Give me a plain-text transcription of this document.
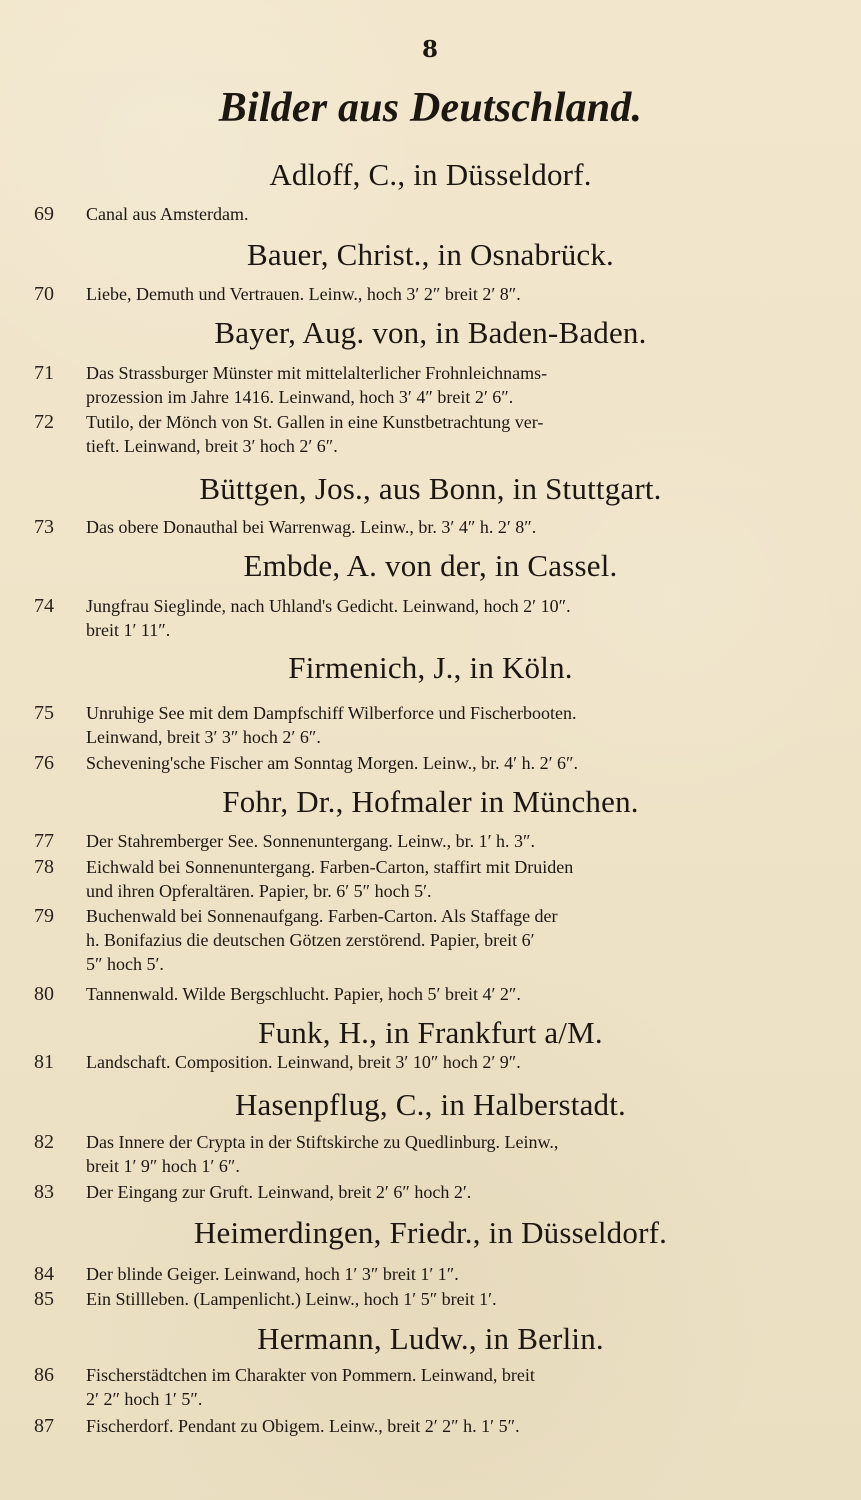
8
Bilder aus Deutschland.
Adloff, C., in Düsseldorf.
69	Canal aus Amsterdam.
Bauer, Christ., in Osnabrück.
70	Liebe, Demuth und Vertrauen. Leinw., hoch 3′ 2″ breit 2′ 8″.
Bayer, Aug. von, in Baden-Baden.
71	Das Strassburger Münster mit mittelalterlicher Frohnleichnams-
prozession im Jahre 1416. Leinwand, hoch 3′ 4″ breit 2′ 6″.
72	Tutilo, der Mönch von St. Gallen in eine Kunstbetrachtung ver-
tieft. Leinwand, breit 3′ hoch 2′ 6″.
Büttgen, Jos., aus Bonn, in Stuttgart.
73	Das obere Donauthal bei Warrenwag. Leinw., br. 3′ 4″ h. 2′ 8″.
Embde, A. von der, in Cassel.
74	Jungfrau Sieglinde, nach Uhland's Gedicht. Leinwand, hoch 2′ 10″.
breit 1′ 11″.
Firmenich, J., in Köln.
75	Unruhige See mit dem Dampfschiff Wilberforce und Fischerbooten.
Leinwand, breit 3′ 3″ hoch 2′ 6″.
76	Schevening'sche Fischer am Sonntag Morgen. Leinw., br. 4′ h. 2′ 6″.
Fohr, Dr., Hofmaler in München.
77	Der Stahremberger See. Sonnenuntergang. Leinw., br. 1′ h. 3″.
78	Eichwald bei Sonnenuntergang. Farben-Carton, staffirt mit Druiden
und ihren Opferaltären. Papier, br. 6′ 5″ hoch 5′.
79	Buchenwald bei Sonnenaufgang. Farben-Carton. Als Staffage der
h. Bonifazius die deutschen Götzen zerstörend. Papier, breit 6′
5″ hoch 5′.
80	Tannenwald. Wilde Bergschlucht. Papier, hoch 5′ breit 4′ 2″.
Funk, H., in Frankfurt a/M.
81	Landschaft. Composition. Leinwand, breit 3′ 10″ hoch 2′ 9″.
Hasenpflug, C., in Halberstadt.
82	Das Innere der Crypta in der Stiftskirche zu Quedlinburg. Leinw.,
breit 1′ 9″ hoch 1′ 6″.
83	Der Eingang zur Gruft. Leinwand, breit 2′ 6″ hoch 2′.
Heimerdingen, Friedr., in Düsseldorf.
84	Der blinde Geiger. Leinwand, hoch 1′ 3″ breit 1′ 1″.
85	Ein Stillleben. (Lampenlicht.) Leinw., hoch 1′ 5″ breit 1′.
Hermann, Ludw., in Berlin.
86	Fischerstädtchen im Charakter von Pommern. Leinwand, breit
2′ 2″ hoch 1′ 5″.
87	Fischerdorf. Pendant zu Obigem. Leinw., breit 2′ 2″ h. 1′ 5″.
